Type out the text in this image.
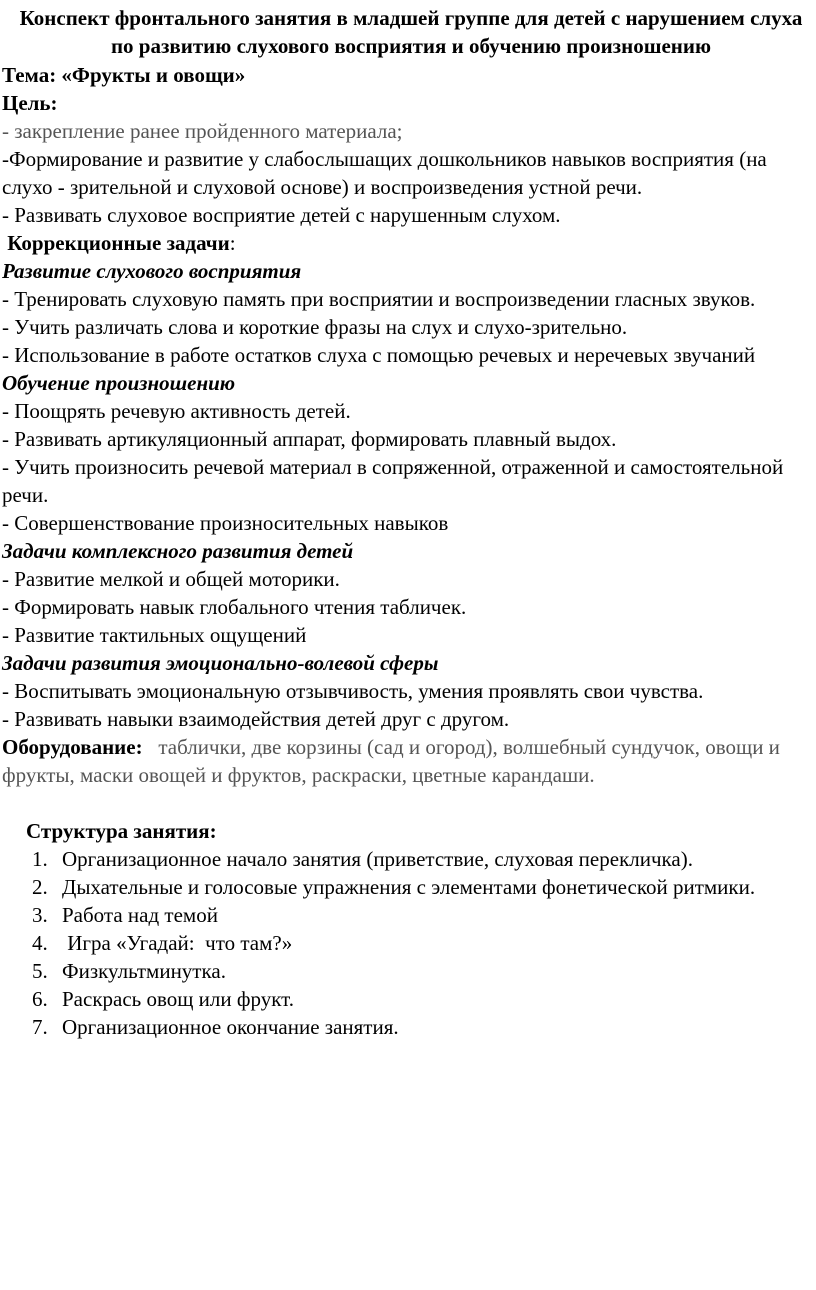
Конспект фронтального занятия в младшей группе для детей с нарушением слуха по развитию слухового восприятия и обучению произношению
Тема: «Фрукты и овощи»
Цель:
- закрепление ранее пройденного материала;
-Формирование и развитие у слабослышащих дошкольников навыков восприятия (на слухо - зрительной и слуховой основе) и воспроизведения устной речи.
- Развивать слуховое восприятие детей с нарушенным слухом.
Коррекционные задачи:
Развитие слухового восприятия
- Тренировать слуховую память при восприятии и воспроизведении гласных звуков.
- Учить различать слова и короткие фразы на слух и слухо-зрительно.
- Использование в работе остатков слуха с помощью речевых и неречевых звучаний
Обучение произношению
- Поощрять речевую активность детей.
- Развивать артикуляционный аппарат, формировать плавный выдох.
- Учить произносить речевой материал в сопряженной, отраженной и самостоятельной речи.
- Совершенствование произносительных навыков
Задачи комплексного развития детей
- Развитие мелкой и общей моторики.
- Формировать навык глобального чтения табличек.
- Развитие тактильных ощущений
Задачи развития эмоционально-волевой сферы
- Воспитывать эмоциональную отзывчивость, умения проявлять свои чувства.
- Развивать навыки взаимодействия детей друг с другом.
Оборудование:   таблички, две корзины (сад и огород), волшебный сундучок, овощи и фрукты, маски овощей и фруктов, раскраски, цветные карандаши.
Структура занятия:
1. Организационное начало занятия (приветствие, слуховая перекличка).
2. Дыхательные и голосовые упражнения с элементами фонетической ритмики.
3. Работа над темой
4. Игра «Угадай:  что там?»
5. Физкультминутка.
6. Раскрась овощ или фрукт.
7. Организационное окончание занятия.
